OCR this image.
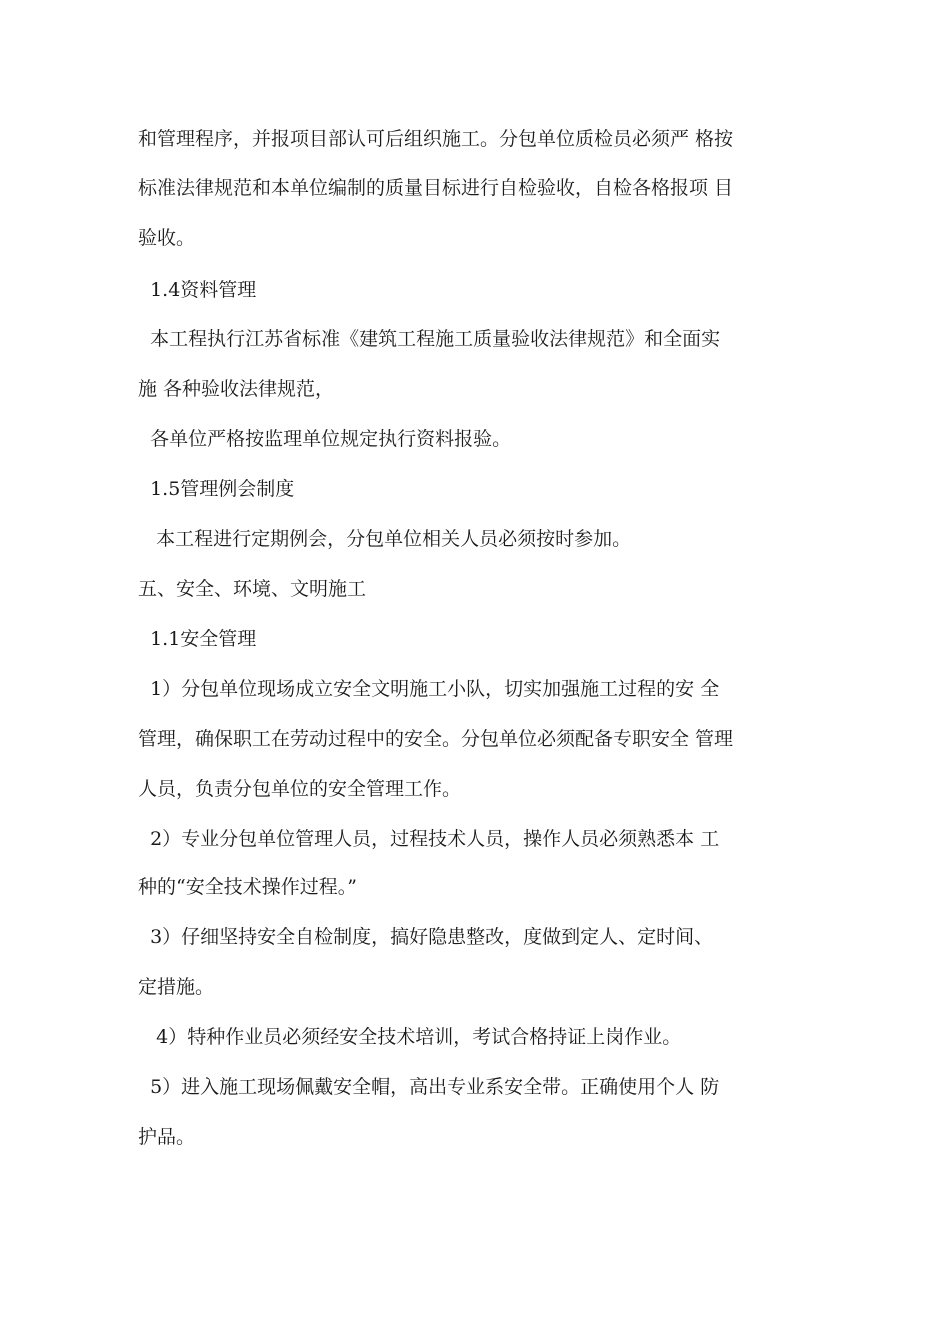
和管理程序，并报项目部认可后组织施工。分包单位质检员必须严 格按
标准法律规范和本单位编制的质量目标进行自检验收，自检各格报项 目
验收。
1.4资料管理
本工程执行江苏省标准《建筑工程施工质量验收法律规范》和全面实
施 各种验收法律规范，
各单位严格按监理单位规定执行资料报验。
1.5管理例会制度
本工程进行定期例会，分包单位相关人员必须按时参加。
五、安全、环境、文明施工
1.1安全管理
1）分包单位现场成立安全文明施工小队，切实加强施工过程的安 全
管理，确保职工在劳动过程中的安全。分包单位必须配备专职安全 管理
人员，负责分包单位的安全管理工作。
2）专业分包单位管理人员，过程技术人员，操作人员必须熟悉本 工
种的“安全技术操作过程。”
3）仔细坚持安全自检制度，搞好隐患整改，度做到定人、定时间、
定措施。
4）特种作业员必须经安全技术培训，考试合格持证上岗作业。
5）进入施工现场佩戴安全帽，高出专业系安全带。正确使用个人 防
护品。
